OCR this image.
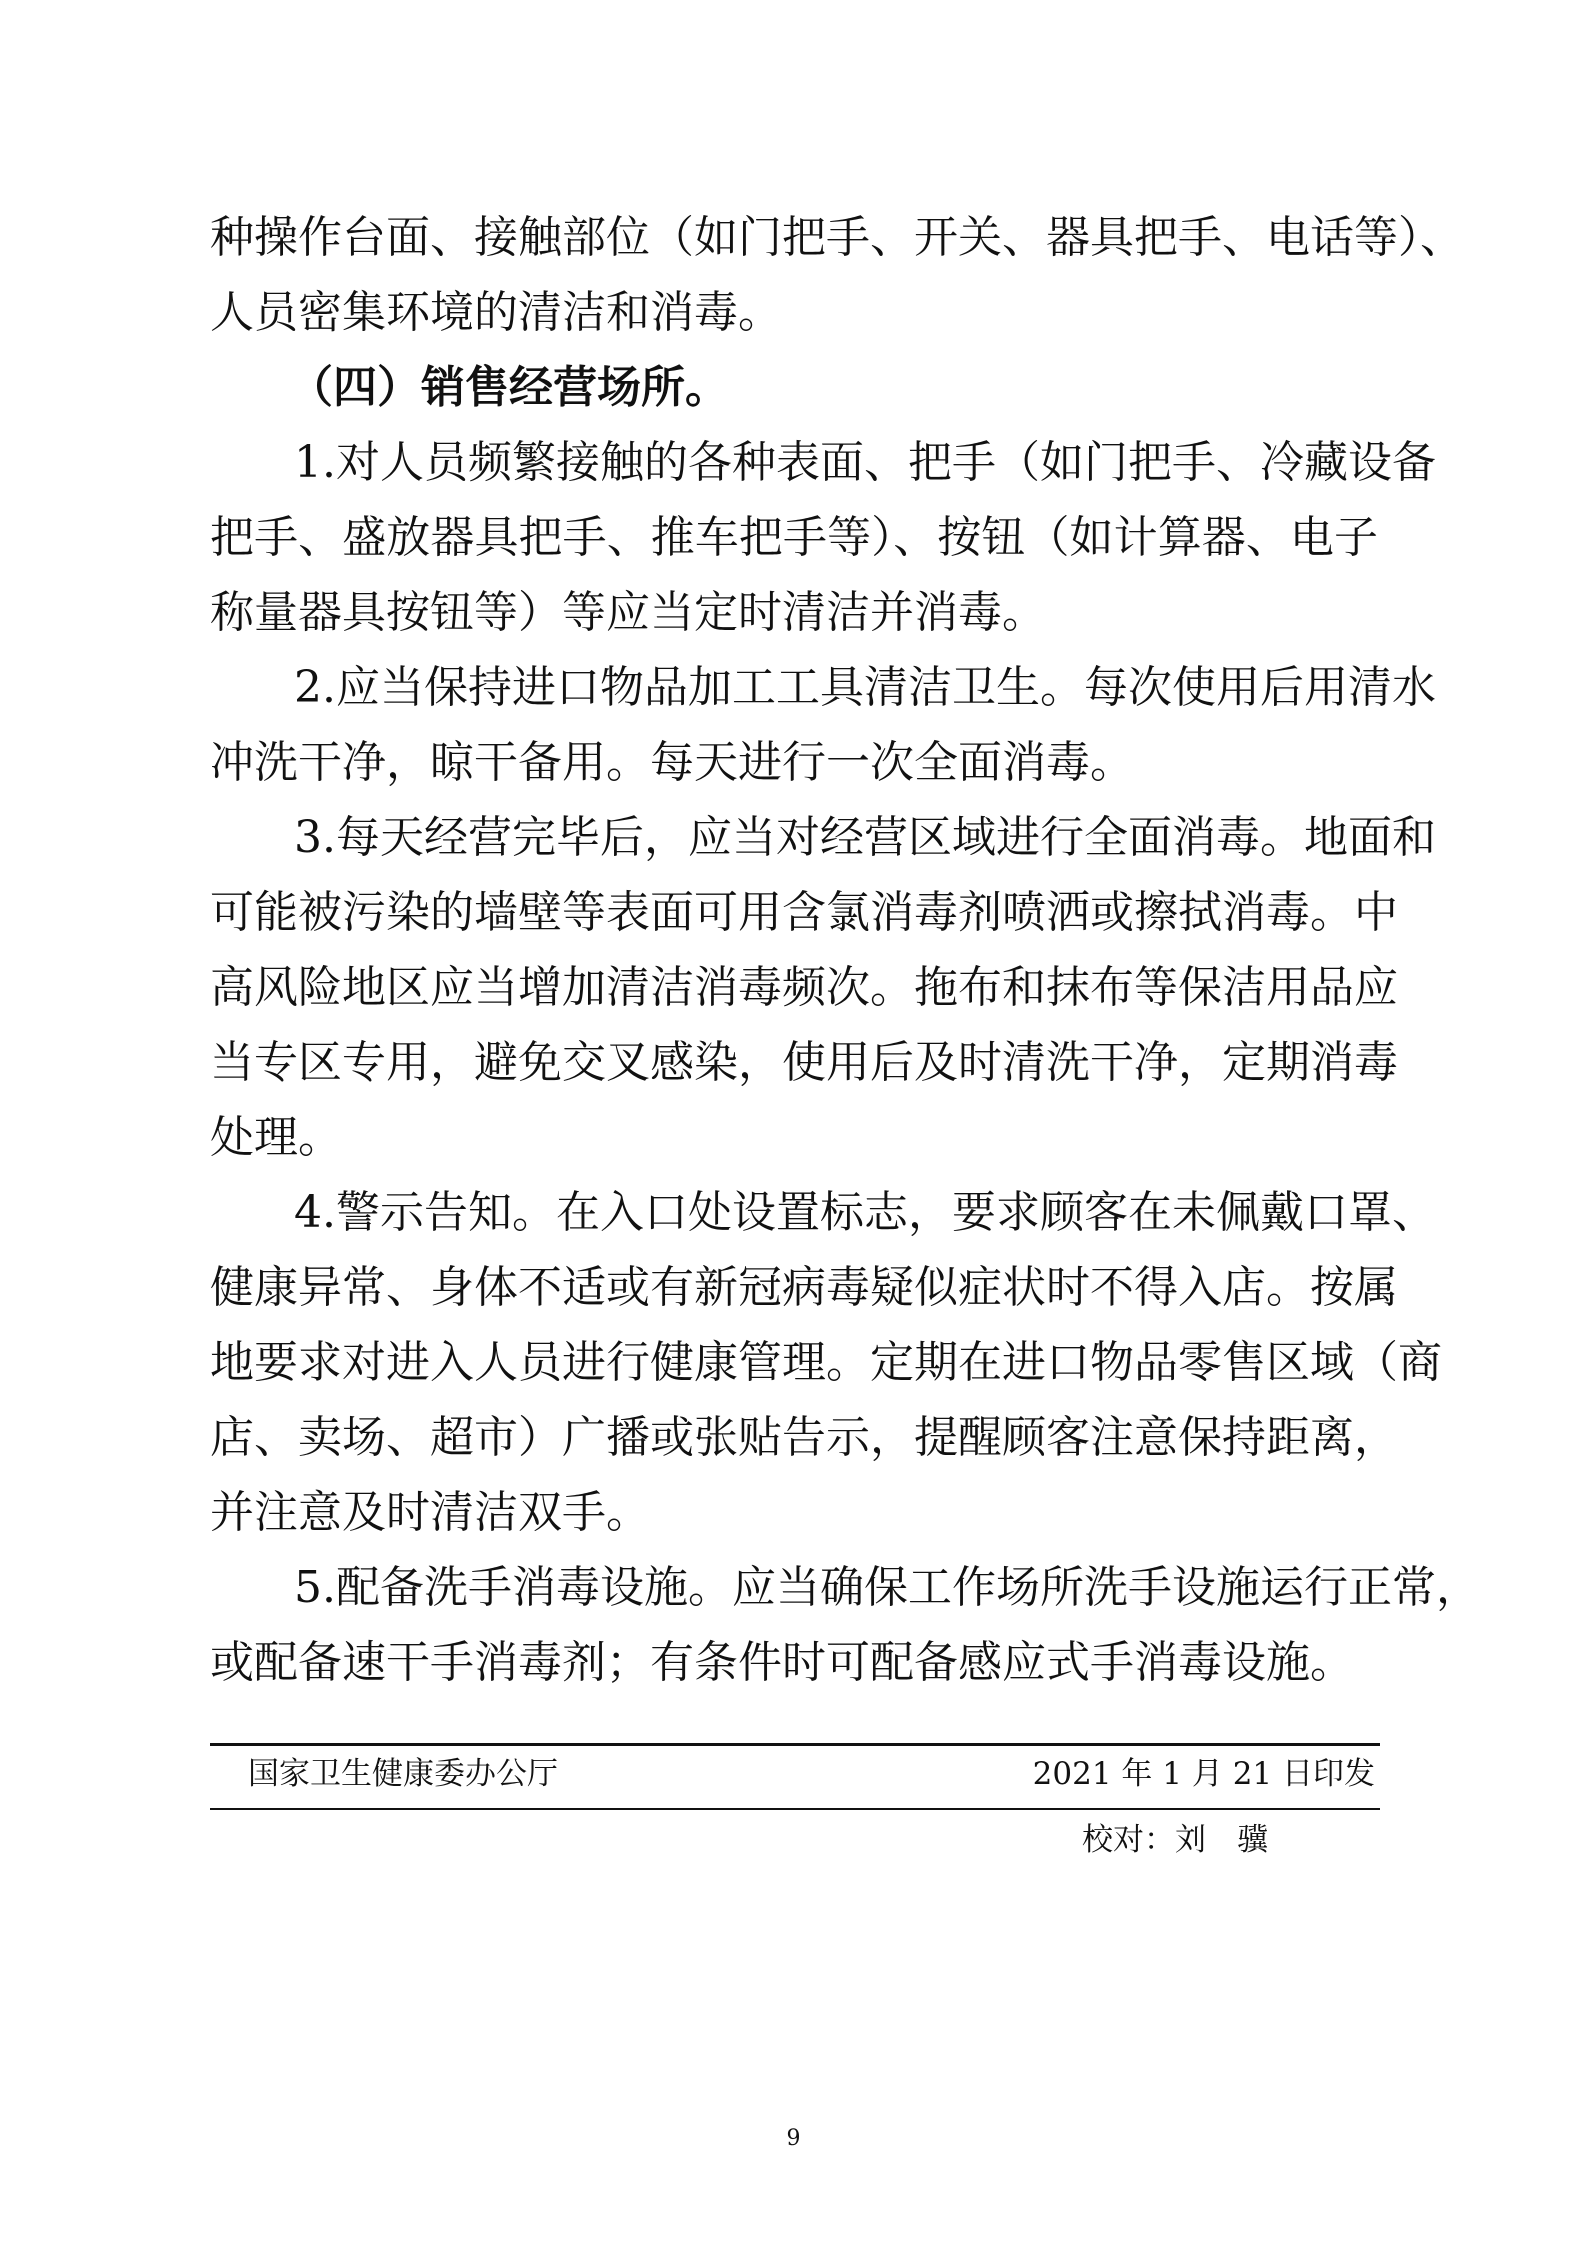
种操作台面、接触部位（如门把手、开关、器具把手、电话等）、
人员密集环境的清洁和消毒。
（四）销售经营场所。
1.对人员频繁接触的各种表面、把手（如门把手、冷藏设备
把手、盛放器具把手、推车把手等）、按钮（如计算器、电子
称量器具按钮等）等应当定时清洁并消毒。
2.应当保持进口物品加工工具清洁卫生。每次使用后用清水
冲洗干净，晾干备用。每天进行一次全面消毒。
3.每天经营完毕后，应当对经营区域进行全面消毒。地面和
可能被污染的墙壁等表面可用含氯消毒剂喷洒或擦拭消毒。中
高风险地区应当增加清洁消毒频次。拖布和抹布等保洁用品应
当专区专用，避免交叉感染，使用后及时清洗干净，定期消毒
处理。
4.警示告知。在入口处设置标志，要求顾客在未佩戴口罩、
健康异常、身体不适或有新冠病毒疑似症状时不得入店。按属
地要求对进入人员进行健康管理。定期在进口物品零售区域（商
店、卖场、超市）广播或张贴告示，提醒顾客注意保持距离，
并注意及时清洁双手。
5.配备洗手消毒设施。应当确保工作场所洗手设施运行正常，
或配备速干手消毒剂；有条件时可配备感应式手消毒设施。
国家卫生健康委办公厅	2021 年 1 月 21 日印发
校对：刘　骥
9
